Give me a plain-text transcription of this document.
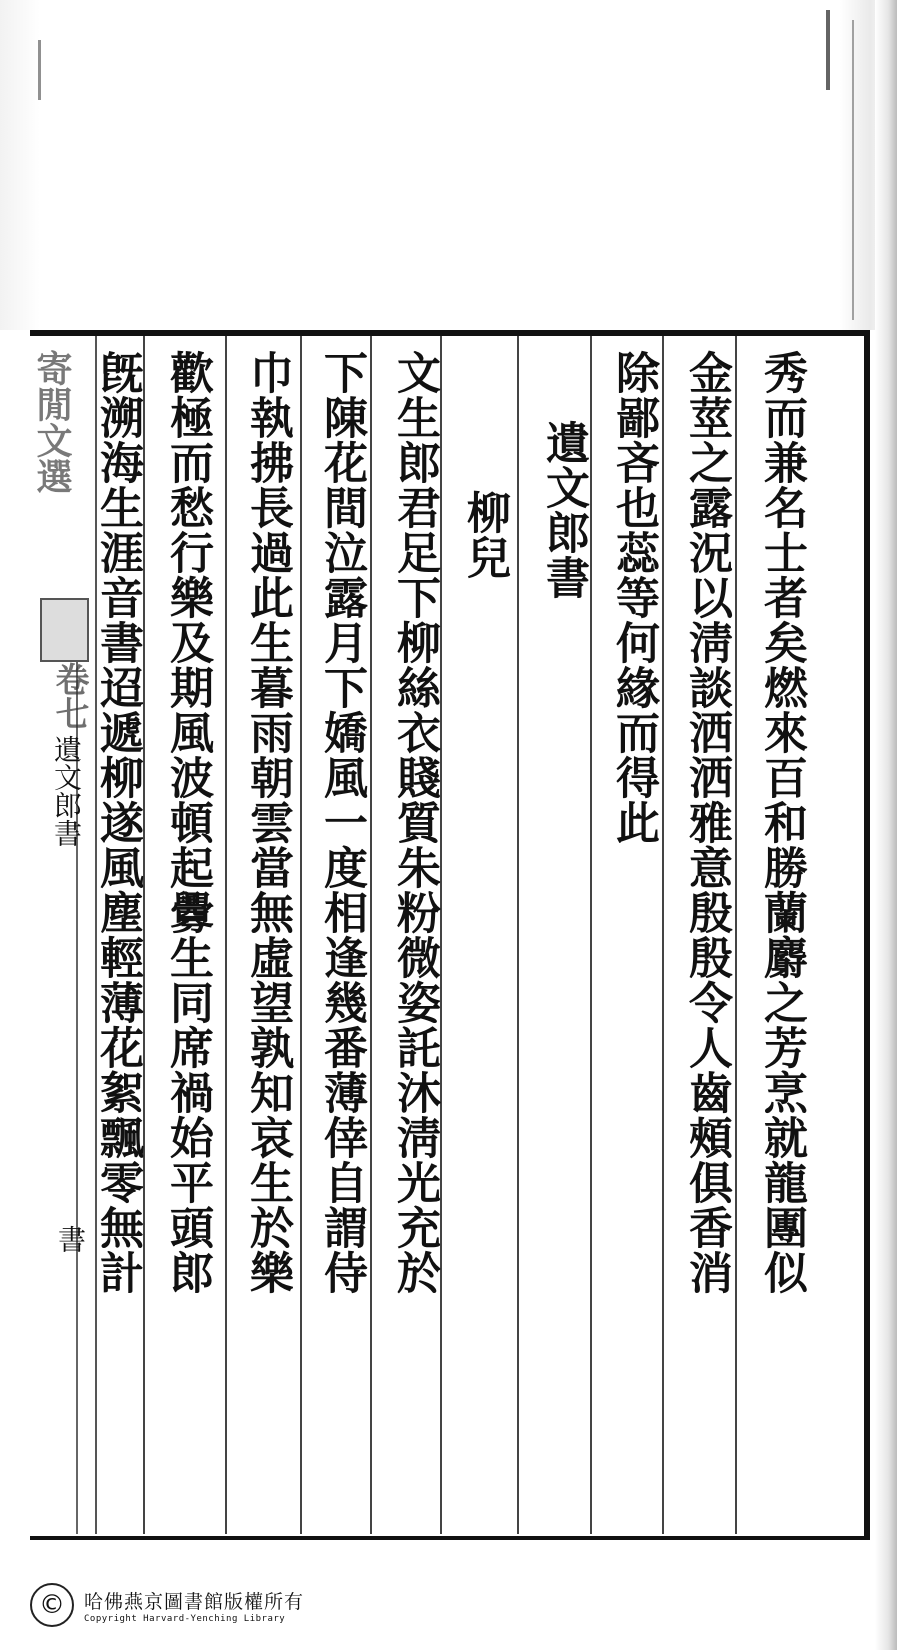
寄閒文選
卷七
遺文郎書
書	秀而兼名士者矣燃來百和勝蘭麝之芳烹就龍團似
金莖之露況以淸談洒洒雅意殷殷令人齒頰俱香消
除鄙吝也蕊等何緣而得此
遺文郎書
柳兒
文生郎君足下柳絲衣賤質朱粉微姿託沐淸光充於
下陳花間泣露月下嬌風一度相逢幾番薄倖自謂侍
巾執拂長過此生暮雨朝雲當無虛望孰知哀生於樂
歡極而愁行樂及期風波頓起釁生同席禍始平頭郎
旣溯海生涯音書迢遞柳遂風塵輕薄花絮飄零無計
©	哈佛燕京圖書館版權所有
Copyright Harvard-Yenching Library
